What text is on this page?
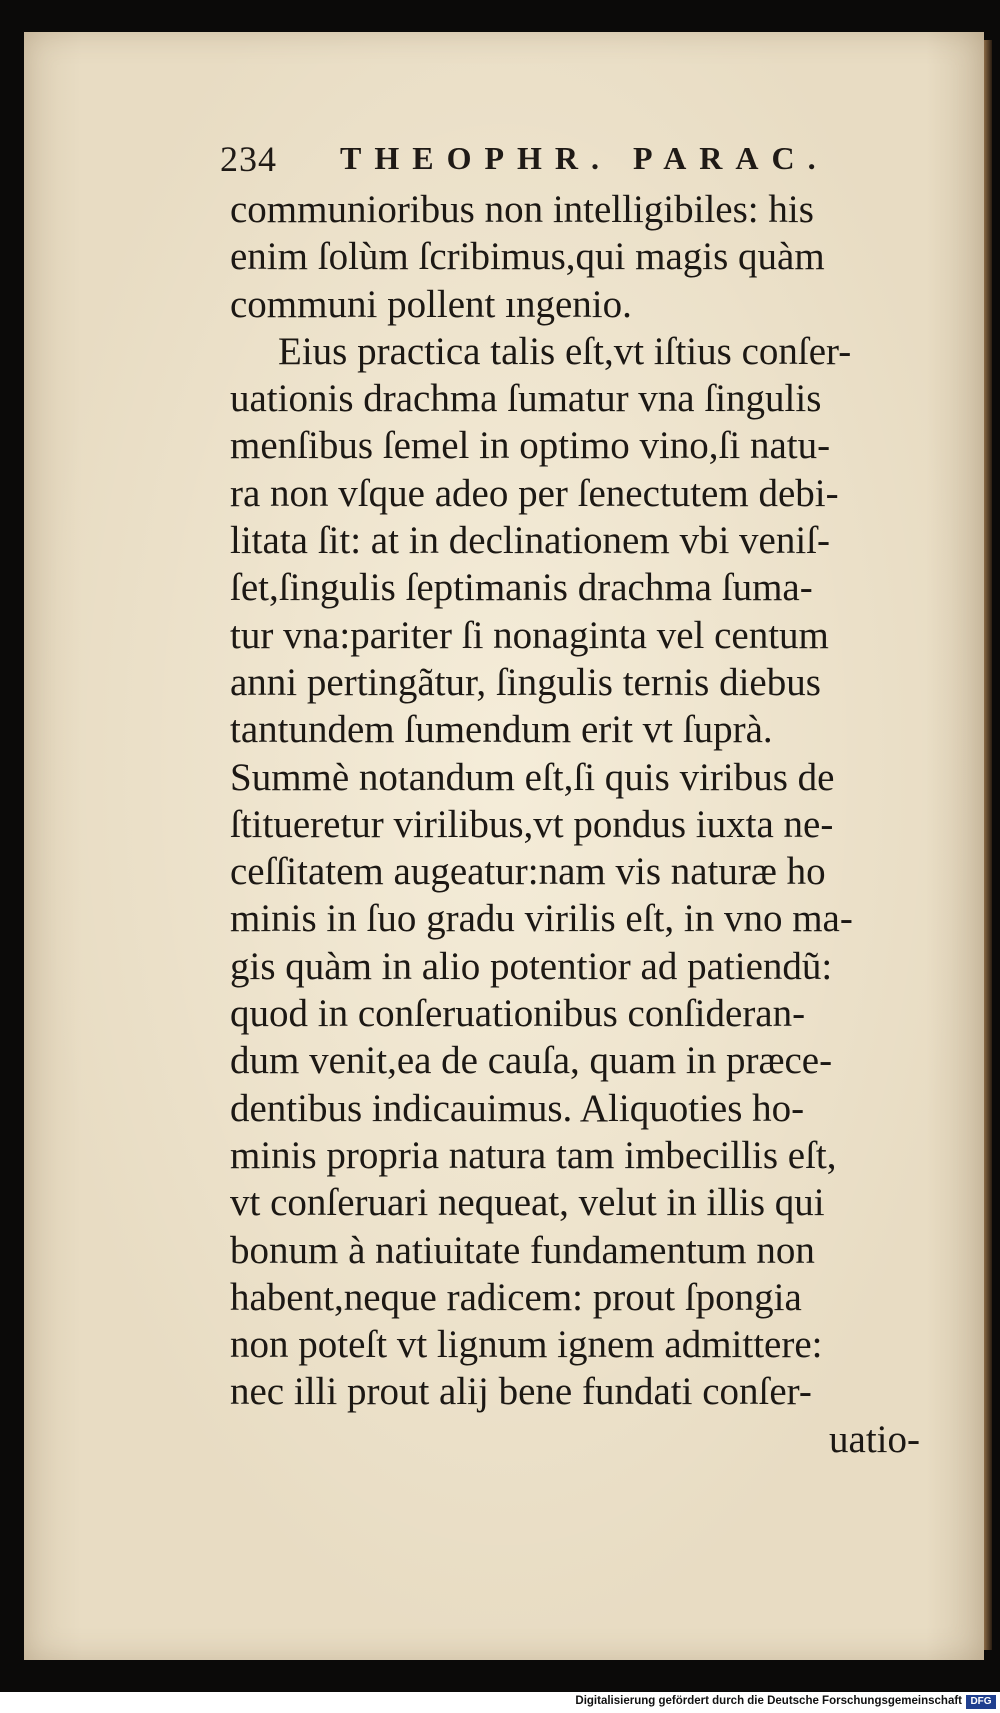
234 THEOPHR. PARAC.
communioribus non intelligibiles: his
enim ſolùm ſcribimus,qui magis quàm
communi pollent ıngenio.
Eius practica talis eſt,vt iſtius conſer-
uationis drachma ſumatur vna ſingulis
menſibus ſemel in optimo vino,ſi natu-
ra non vſque adeo per ſenectutem debi-
litata ſit: at in declinationem vbi veniſ-
ſet,ſingulis ſeptimanis drachma ſuma-
tur vna:pariter ſi nonaginta vel centum
anni pertingãtur, ſingulis ternis diebus
tantundem ſumendum erit vt ſuprà.
Summè notandum eſt,ſi quis viribus de
ſtitueretur virilibus,vt pondus iuxta ne-
ceſſitatem augeatur:nam vis naturæ ho
minis in ſuo gradu virilis eſt, in vno ma-
gis quàm in alio potentior ad patiendũ:
quod in conſeruationibus conſideran-
dum venit,ea de cauſa, quam in præce-
dentibus indicauimus. Aliquoties ho-
minis propria natura tam imbecillis eſt,
vt conſeruari nequeat, velut in illis qui
bonum à natiuitate fundamentum non
habent,neque radicem: prout ſpongia
non poteſt vt lignum ignem admittere:
nec illi prout alij bene fundati conſer-
uatio-
Digitalisierung gefördert durch die Deutsche Forschungsgemeinschaft DFG
